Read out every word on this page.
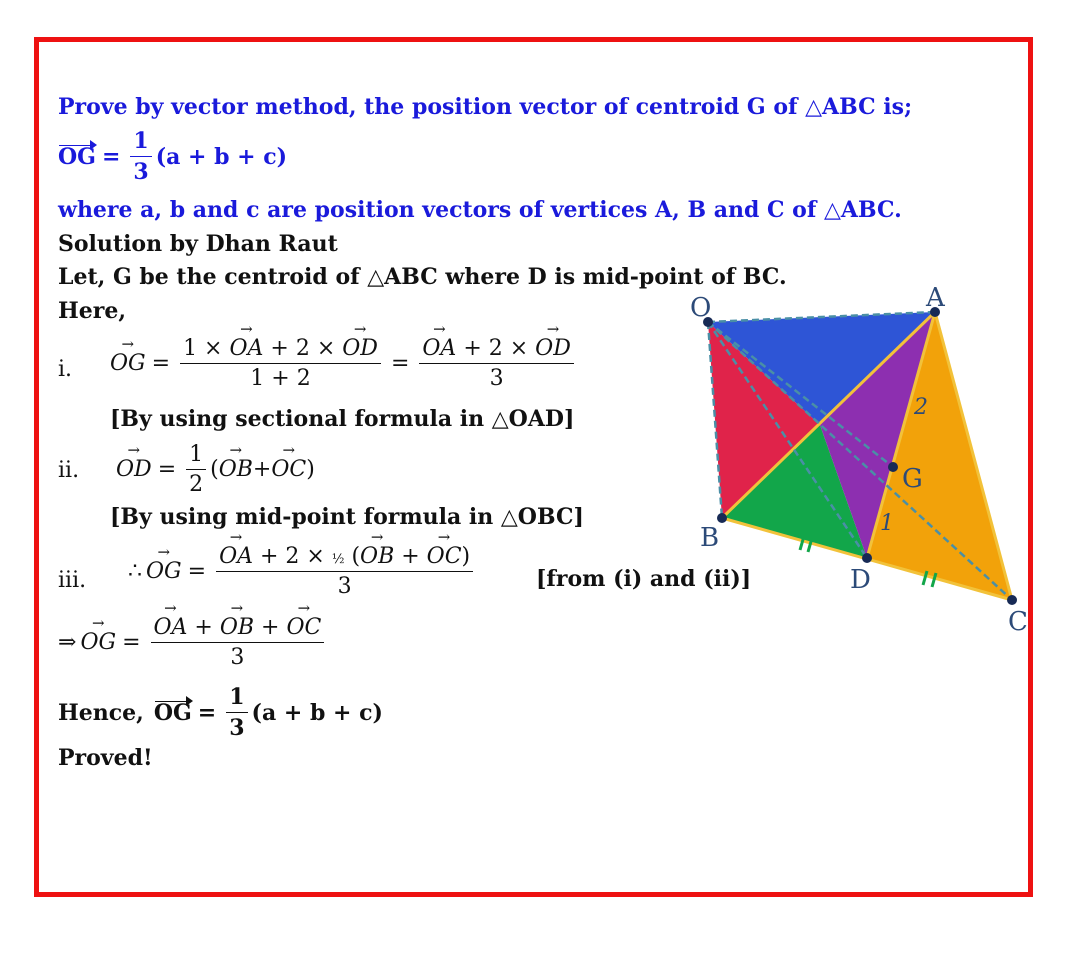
Prove by vector method, the position vector of centroid G of △ABC is;
OG = $\frac{1}{3} (a + b + c)$
where a, b and c are position vectors of vertices A, B and C of △ABC.
Solution by Dhan Raut
Let, G be the centroid of △ABC where D is mid-point of BC.
Here,
i. OG → = $\frac{1 \times OA \to + 2 \times OD \to}{1 + 2} = \frac{OA \to + 2 \times OD \to}{3}$
[By using sectional formula in △OAD]
ii. OD → = $\frac{1}{2}$ ( OB → + OC → )
[By using mid-point formula in △OBC]
iii. ∴ OG → = $\frac{\text{OA → + 2 × ½ (OB → + OC →)}}{3}$	[from (i) and (ii)]
⇒ OG → = $\frac{OA \to + OB \to + OC \to}{3}$
Hence, OG = $\frac{1}{3} (a + b + c)$
Proved!
O	A
B
C
D
G
2
1
